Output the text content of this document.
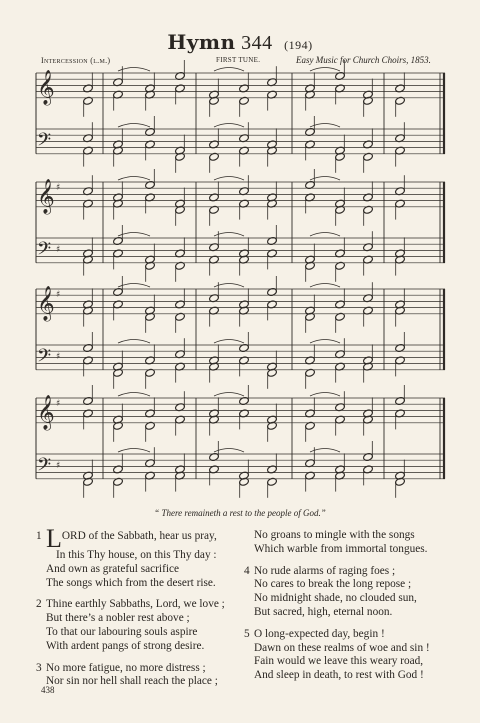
Hymn 344 (194)
Intercession (l.m.)	FIRST TUNE.	Easy Music for Church Choirs, 1853.
𝄞
𝄢
𝄞 ♯
𝄢 ♯
𝄞 ♯
𝄢 ♯
𝄞 ♯
𝄢 ♯
“ There remaineth a rest to the people of God.”
1 LORD of the Sabbath, hear us pray,
In this Thy house, on this Thy day :
And own as grateful sacrifice
The songs which from the desert rise.
2 Thine earthly Sabbaths, Lord, we love ;
But there’s a nobler rest above ;
To that our labouring souls aspire
With ardent pangs of strong desire.
3 No more fatigue, no more distress ;
Nor sin nor hell shall reach the place ;
No groans to mingle with the songs
Which warble from immortal tongues.
4 No rude alarms of raging foes ;
No cares to break the long repose ;
No midnight shade, no clouded sun,
But sacred, high, eternal noon.
5 O long-expected day, begin !
Dawn on these realms of woe and sin !
Fain would we leave this weary road,
And sleep in death, to rest with God !
438
